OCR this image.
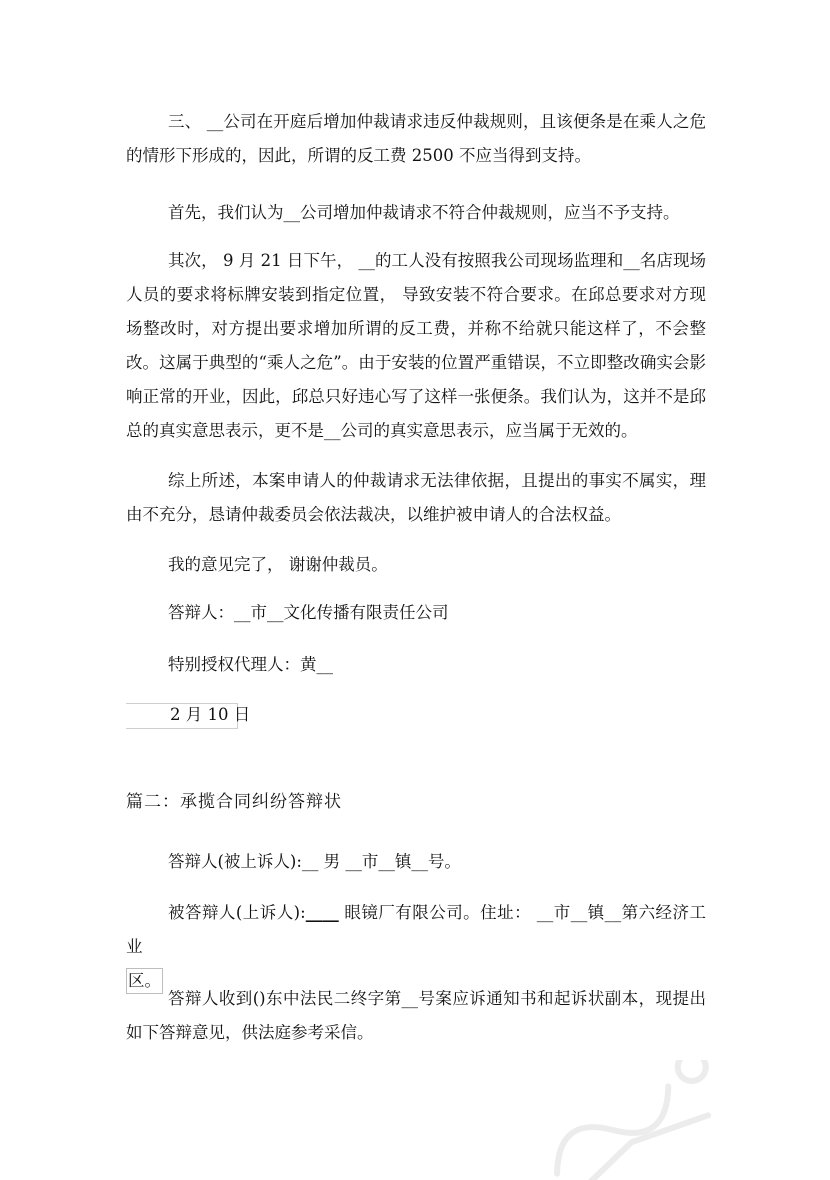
三、 __公司在开庭后增加仲裁请求违反仲裁规则，且该便条是在乘人之危的情形下形成的，因此，所谓的反工费 2500 不应当得到支持。

首先，我们认为__公司增加仲裁请求不符合仲裁规则，应当不予支持。

其次， 9 月 21 日下午， __的工人没有按照我公司现场监理和__名店现场人员的要求将标牌安装到指定位置， 导致安装不符合要求。在邱总要求对方现场整改时，对方提出要求增加所谓的反工费，并称不给就只能这样了，不会整改。这属于典型的“乘人之危”。由于安装的位置严重错误，不立即整改确实会影响正常的开业，因此，邱总只好违心写了这样一张便条。我们认为，这并不是邱总的真实意思表示，更不是__公司的真实意思表示，应当属于无效的。

综上所述，本案申请人的仲裁请求无法律依据，且提出的事实不属实，理由不充分，恳请仲裁委员会依法裁决，以维护被申请人的合法权益。

我的意见完了， 谢谢仲裁员。

答辩人：__市__文化传播有限责任公司

特别授权代理人：黄__

2 月 10 日
篇二：承揽合同纠纷答辩状

答辩人(被上诉人):__ 男 __市__镇__号。

被答辩人(上诉人):____ 眼镜厂有限公司。住址： __市__镇__第六经济工业
区。

答辩人收到()东中法民二终字第__号案应诉通知书和起诉状副本，现提出如下答辩意见，供法庭参考采信。
